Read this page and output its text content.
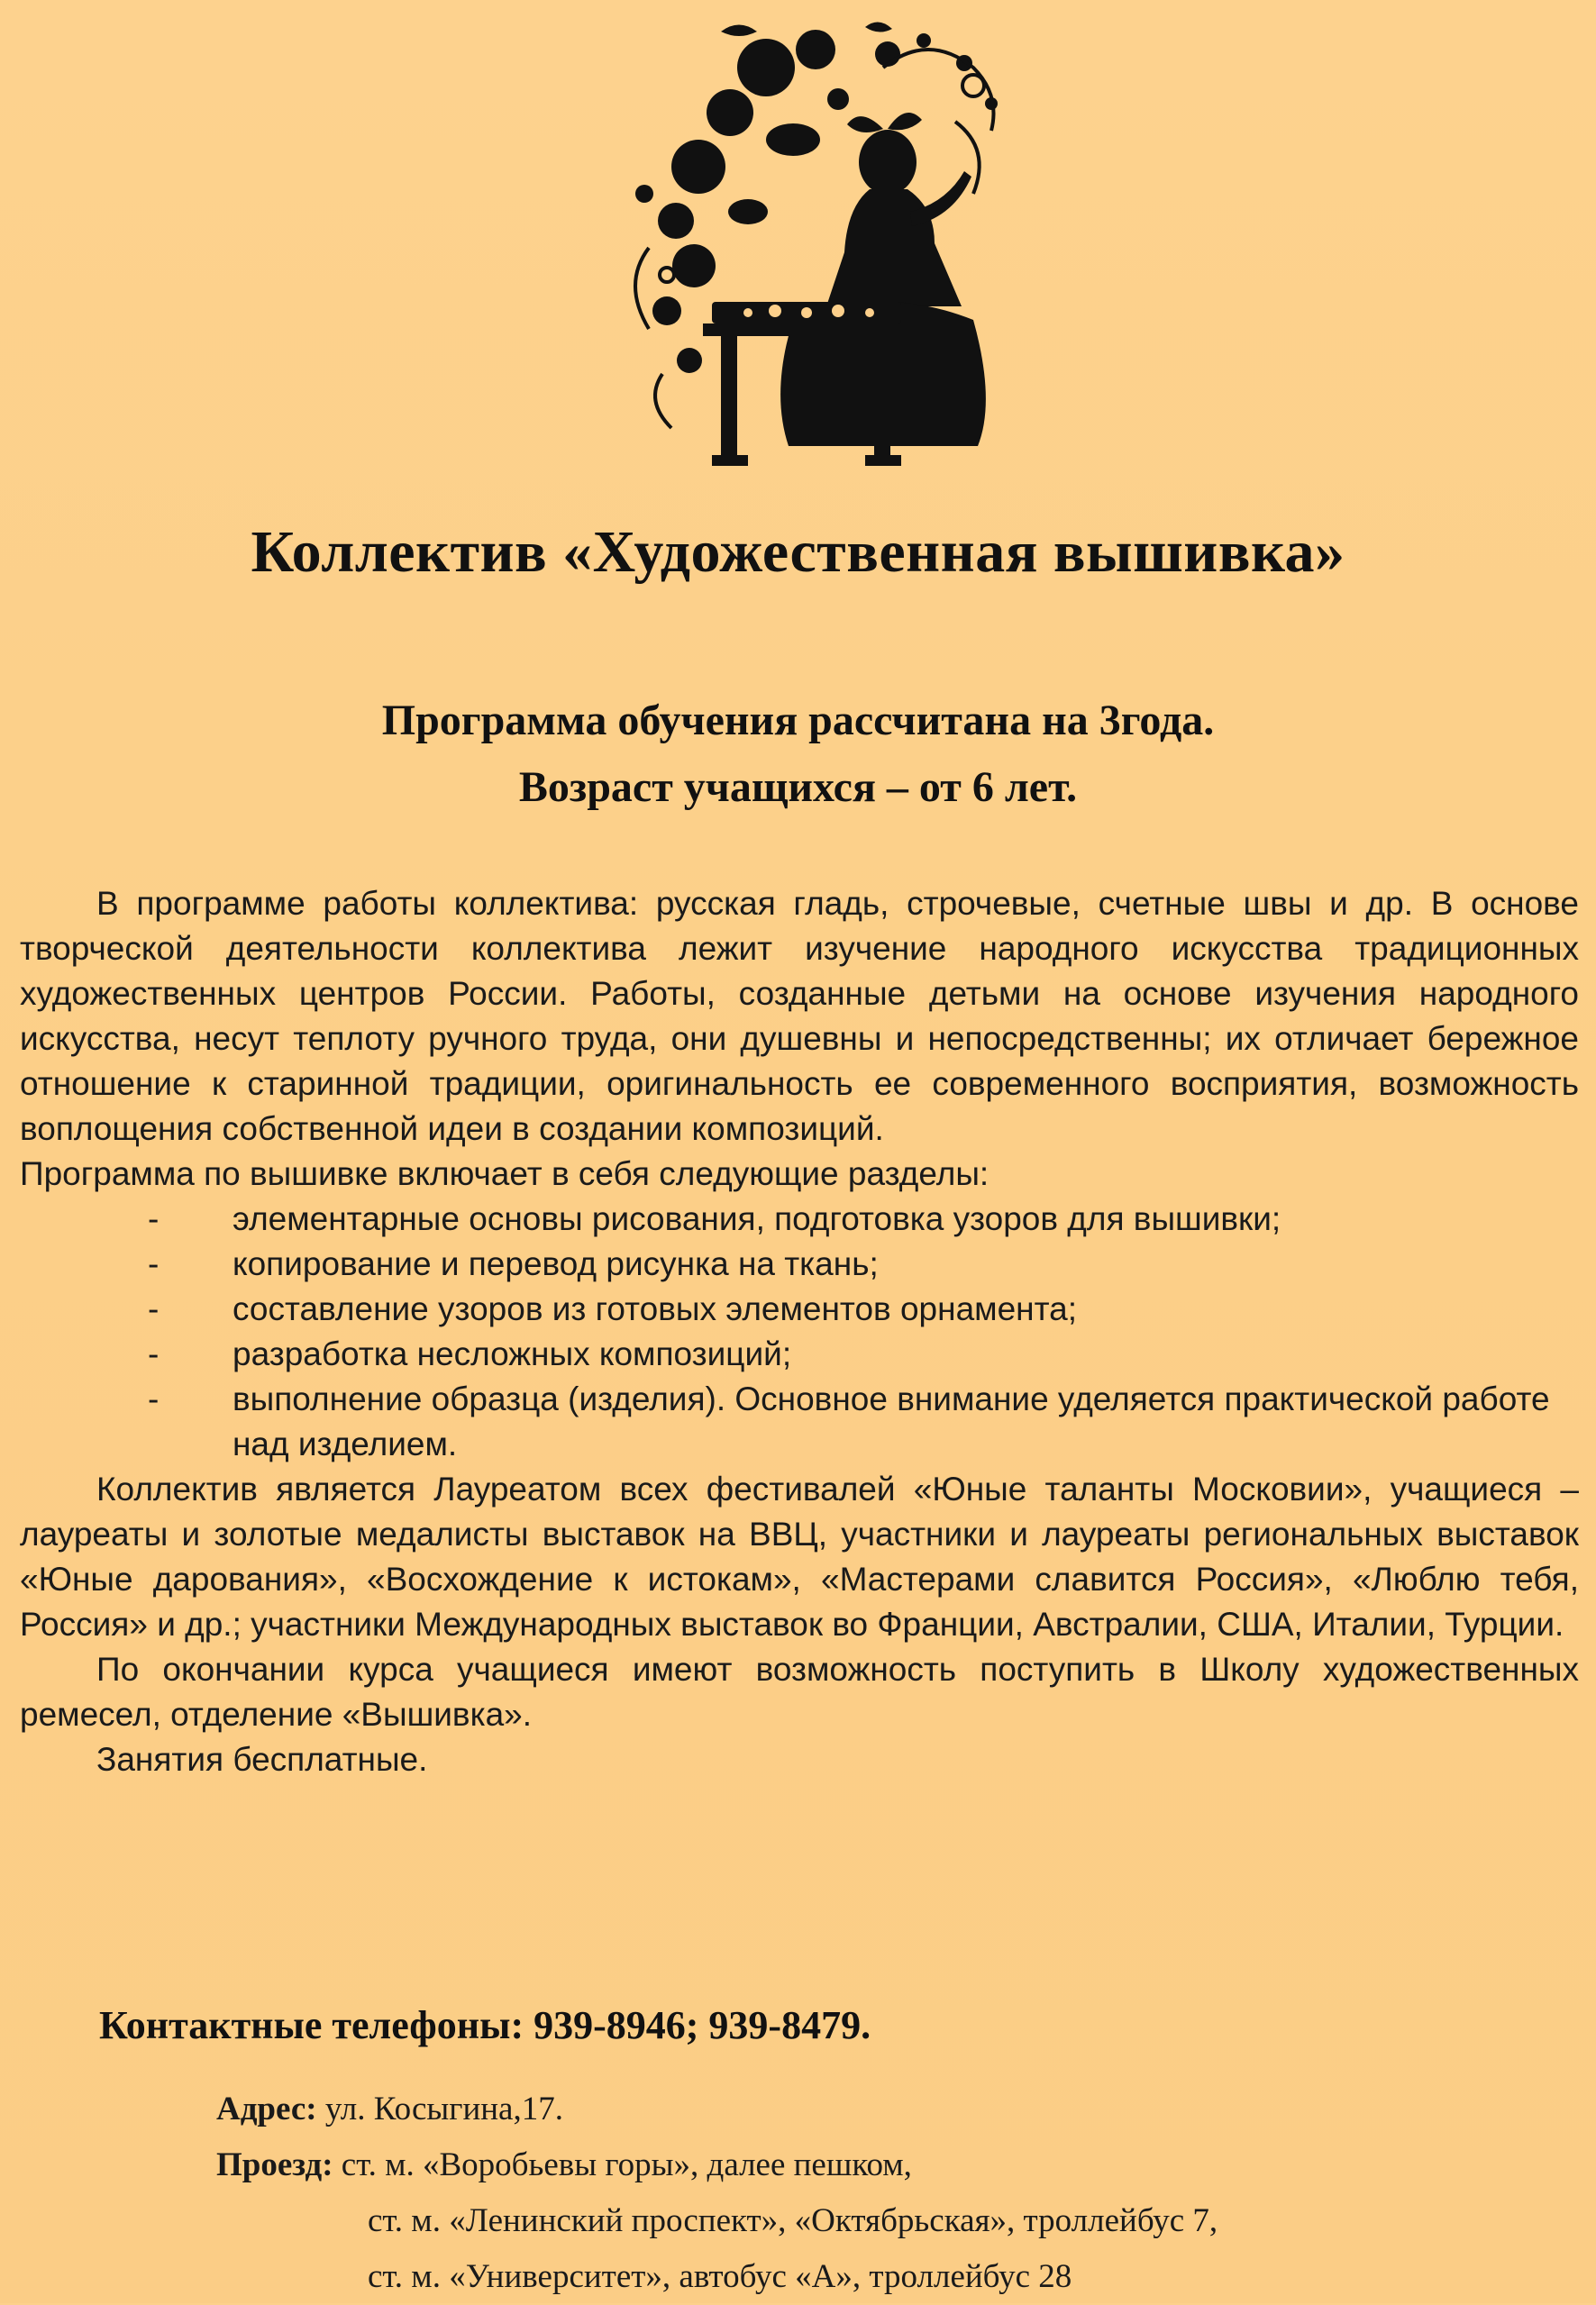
Коллектив «Художественная вышивка»
Программа обучения рассчитана на 3года.
Возраст учащихся – от 6 лет.

В программе работы коллектива: русская гладь, строчевые, счетные швы и др. В основе творческой деятельности коллектива лежит изучение народного искусства традиционных художественных центров России. Работы, созданные детьми на основе изучения народного искусства, несут теплоту ручного труда, они душевны и непосредственны; их отличает бережное отношение к старинной традиции, оригинальность ее современного восприятия, возможность воплощения собственной идеи в создании композиций.

Программа по вышивке включает в себя следующие разделы:

- элементарные основы рисования, подготовка узоров для вышивки;
- копирование и перевод рисунка на ткань;
- составление узоров из готовых элементов орнамента;
- разработка несложных композиций;
- выполнение образца (изделия). Основное внимание уделяется практической работе над изделием.

Коллектив является Лауреатом всех фестивалей «Юные таланты Московии», учащиеся – лауреаты и золотые медалисты выставок на ВВЦ, участники и лауреаты региональных выставок «Юные дарования», «Восхождение к истокам», «Мастерами славится Россия», «Люблю тебя, Россия» и др.; участники Международных выставок во Франции, Австралии, США, Италии, Турции.

По окончании курса учащиеся имеют возможность поступить в Школу художественных ремесел, отделение «Вышивка».

Занятия бесплатные.

Контактные телефоны: 939-8946; 939-8479.
Адрес: ул. Косыгина,17.
Проезд: ст. м. «Воробьевы горы», далее пешком,
ст. м. «Ленинский проспект», «Октябрьская», троллейбус 7,
ст. м. «Университет», автобус «А», троллейбус 28
